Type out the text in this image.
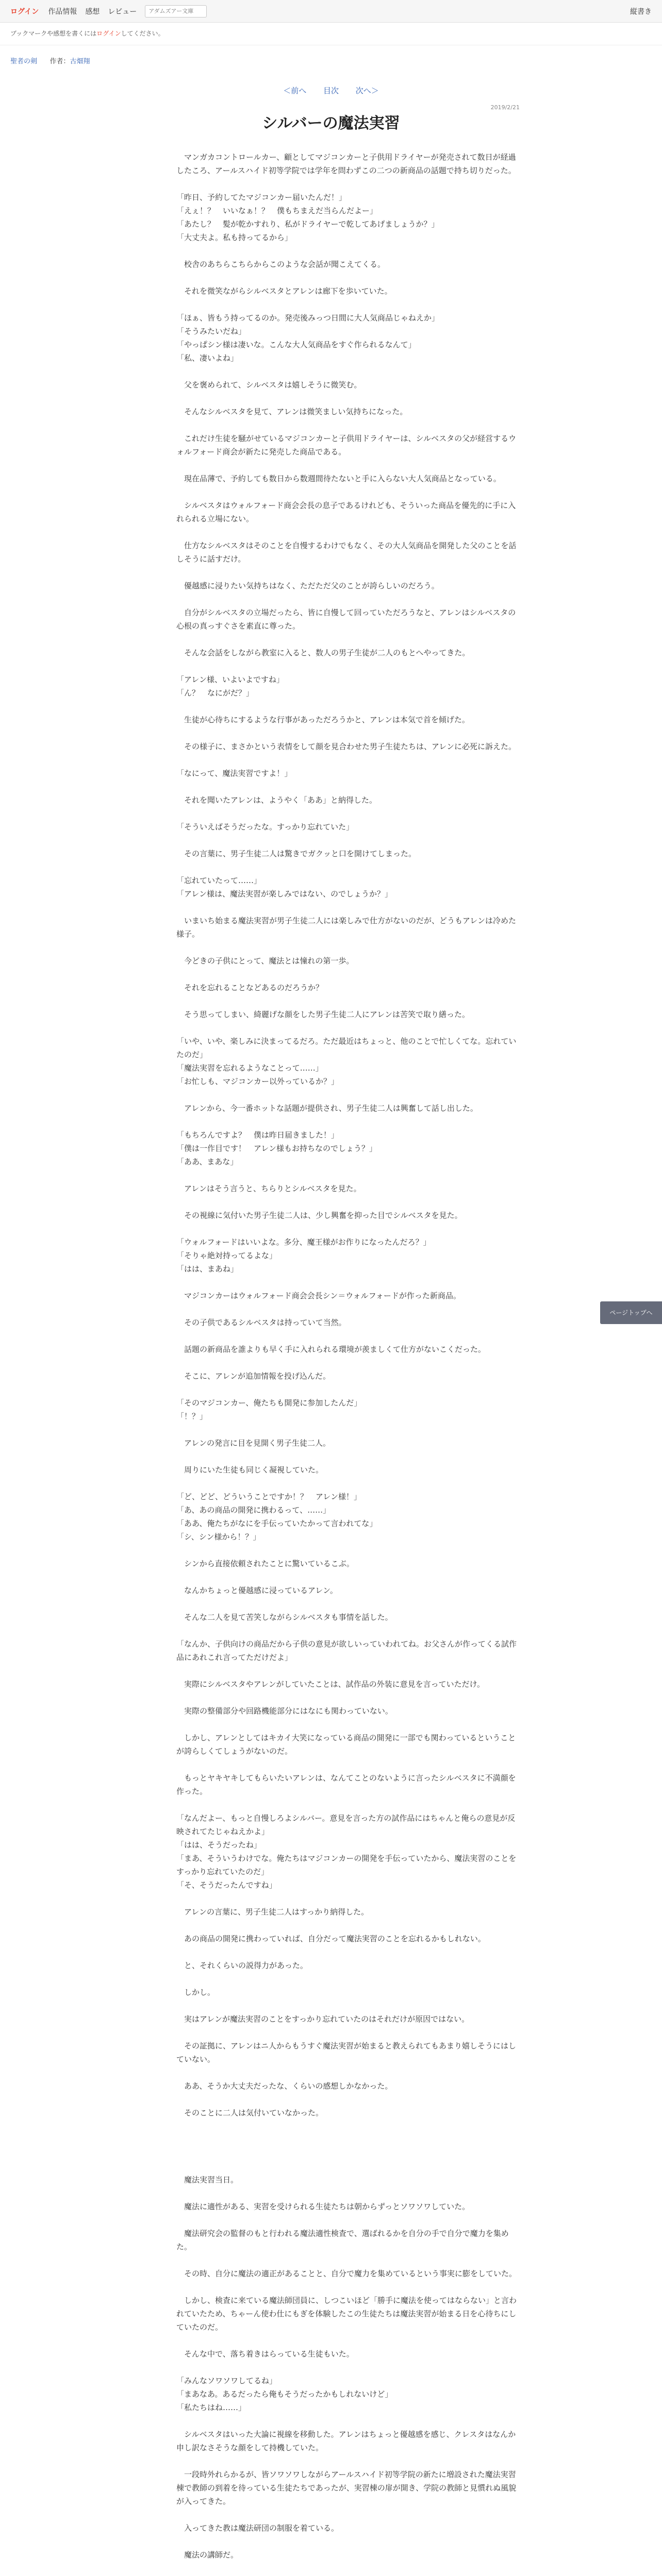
ログイン 作品情報 感想 レビュー
アダムズアー文庫	縦書き
ブックマークや感想を書くにはログインしてください。
聖者の剣 作者：古畑翔
＜前へ 目次 次へ＞
2019/2/21
シルバーの魔法実習

　マンガカコントロールカー、顧としてマジコンカーと子供用ドライヤーが発売されて数日が経過したころ、アールスハイド初等学院では学年を問わずこの二つの新商品の話題で持ち切りだった。

「昨日、予約してたマジコンカー届いたんだ！」

「えぇ！？　いいなぁ！？　僕もちまえだ当らんだよー」

「あたし？　髪が乾かすれり、私がドライヤーで乾してあげましょうか？」

「大丈夫よ。私も持ってるから」

　校舎のあちらこちらからこのような会話が聞こえてくる。

　それを微笑ながらシルベスタとアレンは廊下を歩いていた。

「ほぁ、皆もう持ってるのか。発売後みっつ日間に大人気商品じゃねえか」

「そうみたいだね」

「やっぱシン様は凄いな。こんな大人気商品をすぐ作られるなんて」

「私、凄いよね」

　父を褒められて、シルベスタは嬉しそうに微笑む。

　そんなシルベスタを見て、アレンは微笑ましい気持ちになった。

　これだけ生徒を騒がせているマジコンカーと子供用ドライヤーは、シルベスタの父が経営するウォルフォード商会が新たに発売した商品である。

　現在品薄で、予約しても数日から数週間待たないと手に入らない大人気商品となっている。

　シルベスタはウォルフォード商会会長の息子であるけれども、そういった商品を優先的に手に入れられる立場にない。

　仕方なシルベスタはそのことを自慢するわけでもなく、その大人気商品を開発した父のことを話しそうに話すだけ。

　優越感に浸りたい気持ちはなく、ただただ父のことが誇らしいのだろう。

　自分がシルベスタの立場だったら、皆に自慢して回っていただろうなと、アレンはシルベスタの心根の真っすぐさを素直に尊った。

　そんな会話をしながら教室に入ると、数人の男子生徒が二人のもとへやってきた。

「アレン様、いよいよですね」

「ん？　なにがだ？」

　生徒が心待ちにするような行事があっただろうかと、アレンは本気で首を傾げた。

　その様子に、まさかという表情をして顔を見合わせた男子生徒たちは、アレンに必死に訴えた。

「なにって、魔法実習ですよ！」

　それを聞いたアレンは、ようやく「ああ」と納得した。

「そういえばそうだったな。すっかり忘れていた」

　その言葉に、男子生徒二人は驚きでガクッと口を開けてしまった。

「忘れていたって……」

「アレン様は、魔法実習が楽しみではない、のでしょうか？」

　いまいち始まる魔法実習が男子生徒二人には楽しみで仕方がないのだが、どうもアレンは冷めた様子。

　今どきの子供にとって、魔法とは憧れの第一歩。

　それを忘れることなどあるのだろうか？

　そう思ってしまい、綺麗げな顔をした男子生徒二人にアレンは苦笑で取り繕った。

「いや、いや、楽しみに決まってるだろ。ただ最近はちょっと、他のことで忙しくてな。忘れていたのだ」

「魔法実習を忘れるようなことって……」

「お忙しも、マジコンカー以外っているか？」

　アレンから、今一番ホットな話題が提供され、男子生徒二人は興奮して話し出した。

「もちろんですよ？　僕は昨日届きました！」

「僕は一作目です！　アレン様もお持ちなのでしょう？」

「ああ、まあな」

　アレンはそう言うと、ちらりとシルベスタを見た。

　その視線に気付いた男子生徒二人は、少し興奮を抑った目でシルベスタを見た。

「ウォルフォードはいいよな。多分、魔王様がお作りになったんだろ？」

「そりゃ絶対持ってるよな」

「はは、まあね」

　マジコンカーはウォルフォード商会会長シン＝ウォルフォードが作った新商品。

　その子供であるシルベスタは持っていて当然。

　話題の新商品を誰よりも早く手に入れられる環境が羨ましくて仕方がないこくだった。

　そこに、アレンが追加情報を投げ込んだ。

「そのマジコンカー、俺たちも開発に参加したんだ」

「！？」

　アレンの発言に目を見開く男子生徒二人。

　周りにいた生徒も同じく凝視していた。

「ど、どど、どういうことですか！？　アレン様！」

「あ、あの商品の開発に携わるって、……」

「ああ、俺たちがなにを手伝っていたかって言われてな」

「シ、シン様から！？」

　シンから直接依頼されたことに驚いているこぶ。

　なんかちょっと優越感に浸っているアレン。

　そんな二人を見て苦笑しながらシルベスタも事情を話した。

「なんか、子供向けの商品だから子供の意見が欲しいっていわれてね。お父さんが作ってくる試作品にあれこれ言ってただけだよ」

　実際にシルベスタやアレンがしていたことは、試作品の外装に意見を言っていただけ。

　実際の整備部分や回路機能部分にはなにも関わっていない。

　しかし、アレンとしてはキカイ大笑になっている商品の開発に一部でも関わっているということが誇らしくてしょうがないのだ。

　もっとヤキヤキしてもらいたいアレンは、なんてことのないように言ったシルベスタに不満顔を作った。

「なんだよー、もっと自慢しろよシルバー。意見を言った方の試作品にはちゃんと俺らの意見が反映されてたじゃねえかよ」

「はは、そうだったね」

「まあ、そういうわけでな。俺たちはマジコンカーの開発を手伝っていたから、魔法実習のことをすっかり忘れていたのだ」

「そ、そうだったんですね」

　アレンの言葉に、男子生徒二人はすっかり納得した。

　あの商品の開発に携わっていれば、自分だって魔法実習のことを忘れるかもしれない。

　と、それくらいの説得力があった。

　しかし。

　実はアレンが魔法実習のことをすっかり忘れていたのはそれだけが原因ではない。

　その証拠に、アレンはニ人からもうすぐ魔法実習が始まると教えられてもあまり嬉しそうにはしていない。

　ああ、そうか大丈夫だったな、くらいの感想しかなかった。

　そのことに二人は気付いていなかった。

　魔法実習当日。

　魔法に適性がある、実習を受けられる生徒たちは朝からずっとソワソワしていた。

　魔法研究会の監督のもと行われる魔法適性検査で、選ばれるかを自分の手で自分で魔力を集めた。

　その時、自分に魔法の適正があることと、自分で魔力を集めているという事実に膨をしていた。

　しかし、検査に来ている魔法師団員に、しつこいほど「勝手に魔法を使ってはならない」と言われていたため、ちゃーん使わ仕にもぎを体験したこの生徒たちは魔法実習が始まる日を心待ちにしていたのだ。

　そんな中で、落ち着きはらっている生徒もいた。

「みんなソワソワしてるね」

「まあなあ。あるだったら俺もそうだったかもしれないけど」

「私たちはね……」

　シルベスタはいった大論に視線を移動した。アレンはちょっと優越感を感じ、クレスタはなんか申し訳なさそうな顔をして持機していた。

　一段時外れらかるが、皆ソワソワしながらアールスハイド初等学院の新たに増設された魔法実習棟で教師の到着を待っている生徒たちであったが、実習棟の扉が開き、学院の教師と見慣れぬ風貌が入ってきた。

　入ってきた教は魔法研団の制服を着ている。

　魔法の講師だ。

ページトップへ
